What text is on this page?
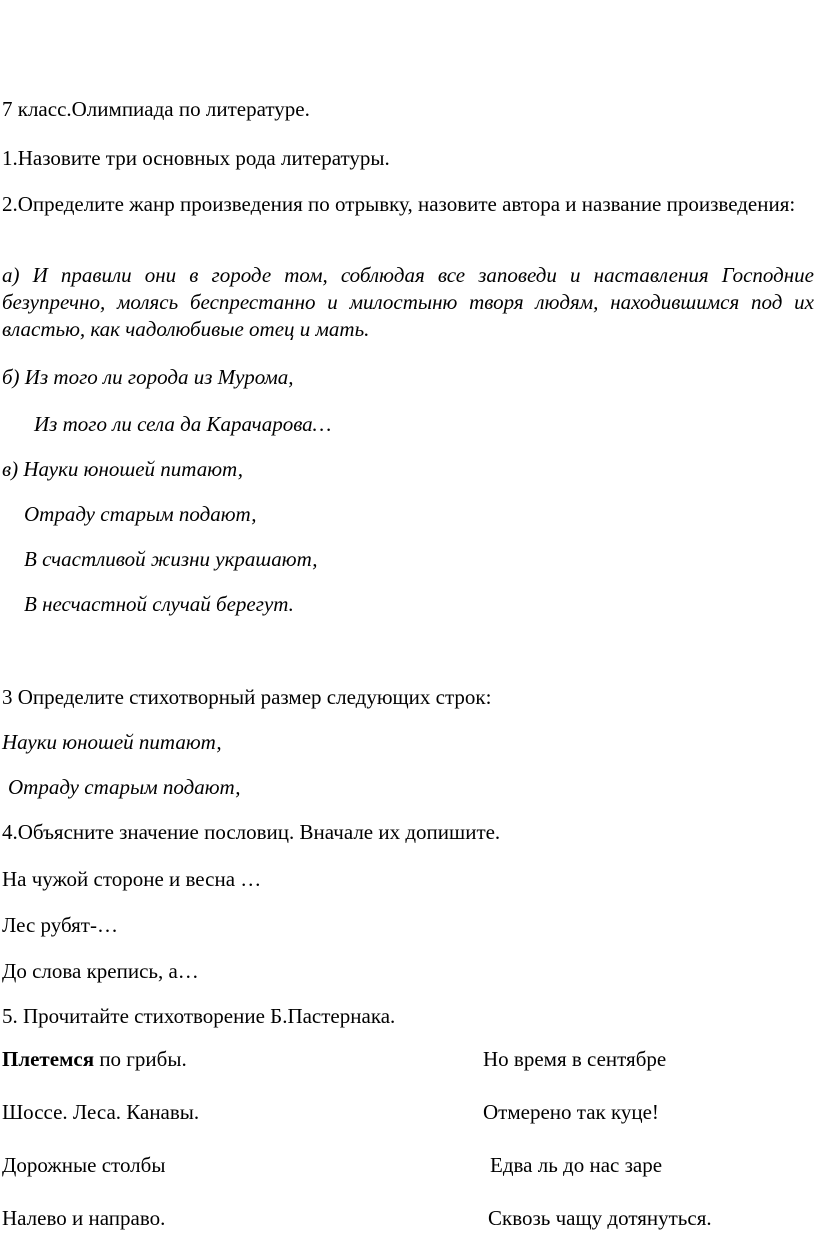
7 класс.Олимпиада по литературе.
1.Назовите три основных рода литературы.
2.Определите жанр произведения по отрывку, назовите автора и название произведения:
а) И правили они в городе том, соблюдая все заповеди и наставления Господние безупречно, молясь беспрестанно и милостыню творя людям, находившимся под их властью, как чадолюбивые отец и мать.
б) Из того ли города из Мурома,
Из того ли села да Карачарова…
в) Науки юношей питают,
Отраду старым подают,
В счастливой жизни украшают,
В несчастной случай берегут.
3 Определите стихотворный размер следующих строк:
Науки юношей питают,
Отраду старым подают,
4.Объясните значение пословиц. Вначале их допишите.
На чужой стороне и весна …
Лес рубят-…
До слова крепись, а…
5. Прочитайте стихотворение Б.Пастернака.
Плетемся по грибы.
Шоссе. Леса. Канавы.
Дорожные столбы
Налево и направо.
Но время в сентябре
Отмерено так куце!
Едва ль до нас заре
Сквозь чащу дотянуться.
